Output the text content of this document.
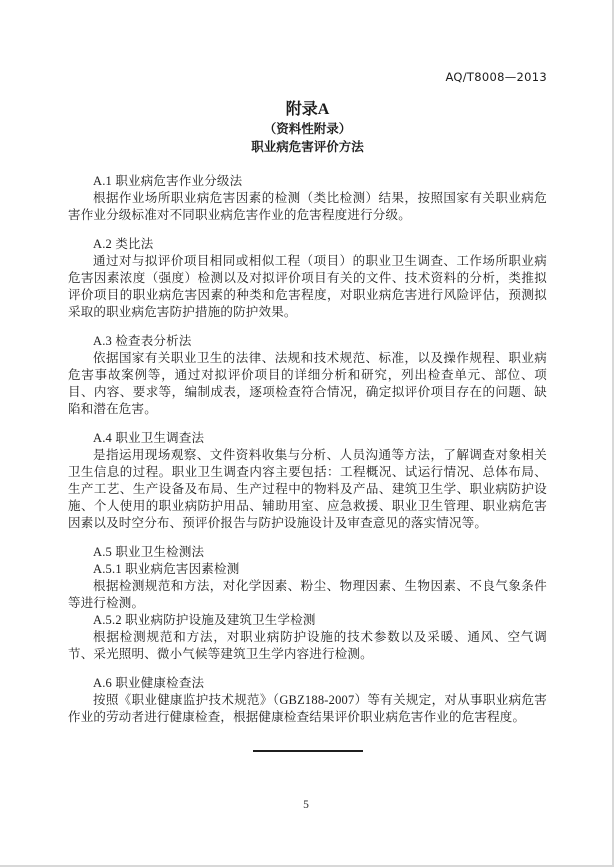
AQ/T8008—2013
附录A
（资料性附录）
职业病危害评价方法
A.1 职业病危害作业分级法

根据作业场所职业病危害因素的检测（类比检测）结果，按照国家有关职业病危害作业分级标准对不同职业病危害作业的危害程度进行分级。

A.2 类比法

通过对与拟评价项目相同或相似工程（项目）的职业卫生调查、工作场所职业病危害因素浓度（强度）检测以及对拟评价项目有关的文件、技术资料的分析，类推拟评价项目的职业病危害因素的种类和危害程度，对职业病危害进行风险评估，预测拟采取的职业病危害防护措施的防护效果。

A.3 检查表分析法

依据国家有关职业卫生的法律、法规和技术规范、标准，以及操作规程、职业病危害事故案例等，通过对拟评价项目的详细分析和研究，列出检查单元、部位、项目、内容、要求等，编制成表，逐项检查符合情况，确定拟评价项目存在的问题、缺陷和潜在危害。

A.4 职业卫生调查法

是指运用现场观察、文件资料收集与分析、人员沟通等方法，了解调查对象相关卫生信息的过程。职业卫生调查内容主要包括：工程概况、试运行情况、总体布局、生产工艺、生产设备及布局、生产过程中的物料及产品、建筑卫生学、职业病防护设施、个人使用的职业病防护用品、辅助用室、应急救援、职业卫生管理、职业病危害因素以及时空分布、预评价报告与防护设施设计及审查意见的落实情况等。

A.5 职业卫生检测法
A.5.1 职业病危害因素检测

根据检测规范和方法，对化学因素、粉尘、物理因素、生物因素、不良气象条件等进行检测。

A.5.2 职业病防护设施及建筑卫生学检测

根据检测规范和方法，对职业病防护设施的技术参数以及采暖、通风、空气调节、采光照明、微小气候等建筑卫生学内容进行检测。

A.6 职业健康检查法

按照《职业健康监护技术规范》（GBZ188-2007）等有关规定，对从事职业病危害作业的劳动者进行健康检查，根据健康检查结果评价职业病危害作业的危害程度。

5
